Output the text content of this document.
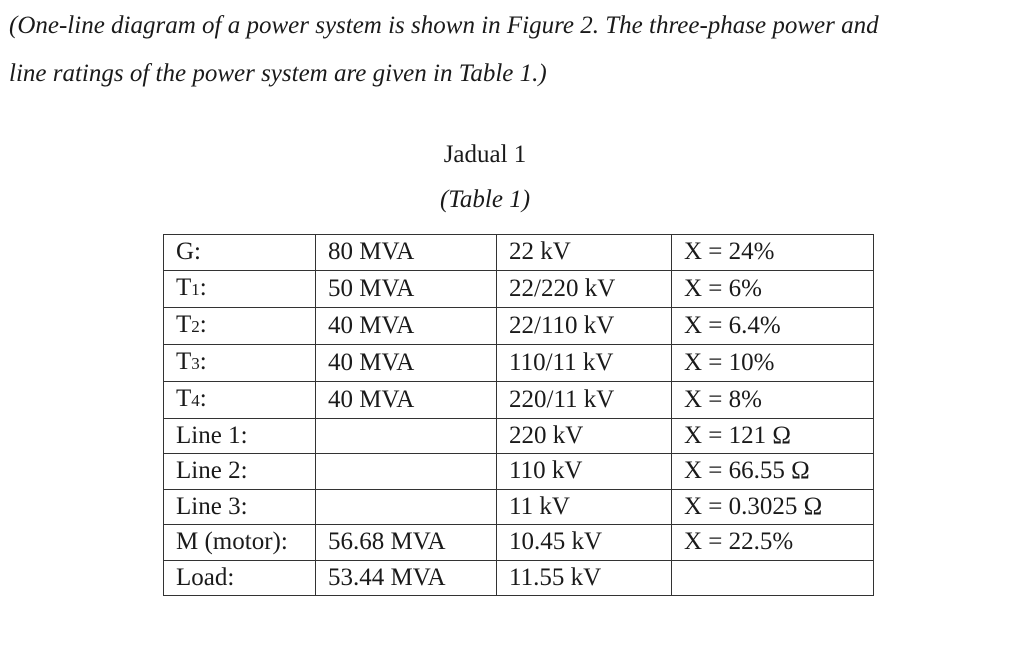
(One-line diagram of a power system is shown in Figure 2. The three-phase power and
line ratings of the power system are given in Table 1.)

Jadual 1
(Table 1)
G:	80 MVA	22 kV	X = 24%
T1:	50 MVA	22/220 kV	X = 6%
T2:	40 MVA	22/110 kV	X = 6.4%
T3:	40 MVA	110/11 kV	X = 10%
T4:	40 MVA	220/11 kV	X = 8%
Line 1:		220 kV	X = 121 Ω
Line 2:		110 kV	X = 66.55 Ω
Line 3:		11 kV	X = 0.3025 Ω
M (motor):	56.68 MVA	10.45 kV	X = 22.5%
Load:	53.44 MVA	11.55 kV	
